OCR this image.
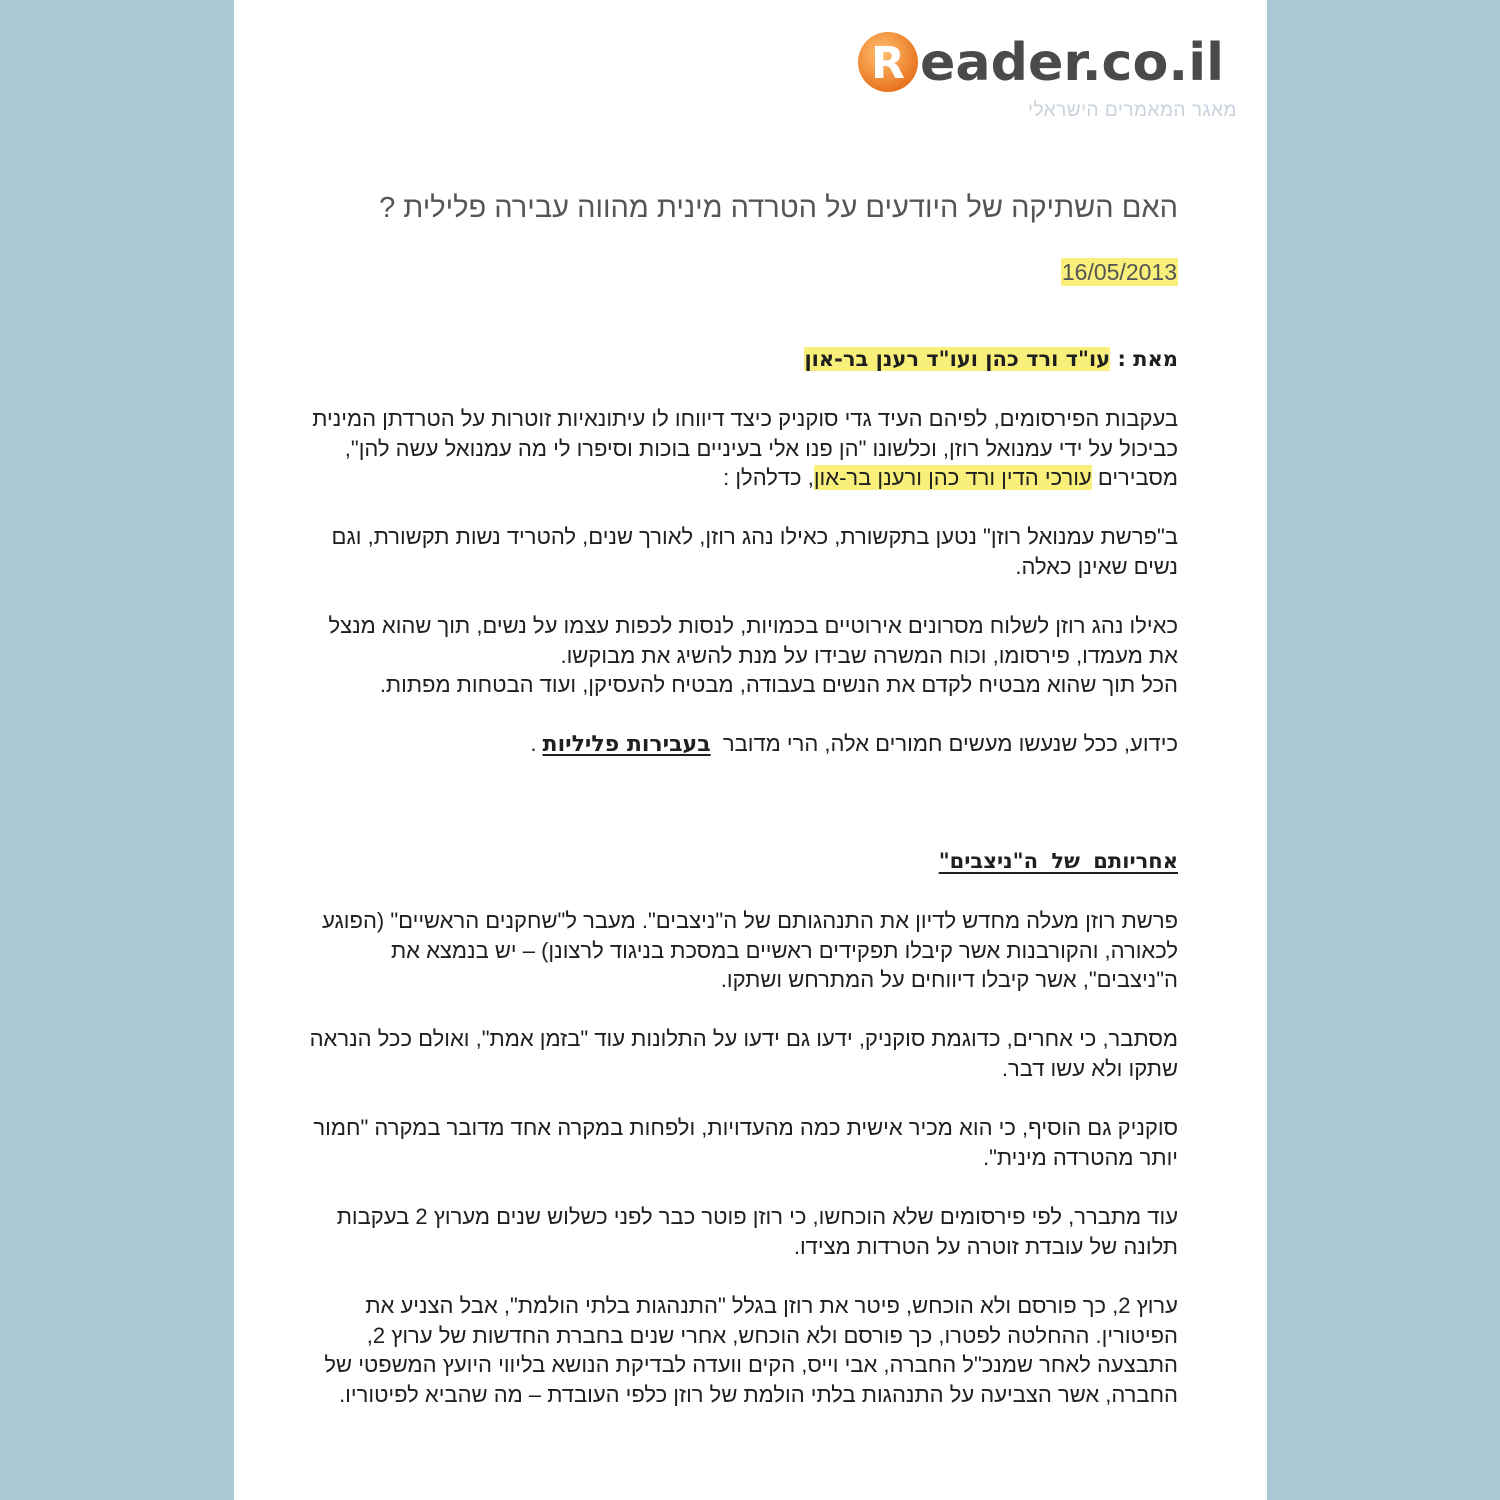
R eader.co.il
מאגר המאמרים הישראלי
האם השתיקה של היודעים על הטרדה מינית מהווה עבירה פלילית ?
16/05/2013
מאת : עו"ד ורד כהן ועו"ד רענן בר-און

בעקבות הפירסומים, לפיהם העיד גדי סוקניק כיצד דיווחו לו עיתונאיות זוטרות על הטרדתן המינית כביכול על ידי עמנואל רוזן, וכלשונו "הן פנו אלי בעיניים בוכות וסיפרו לי מה עמנואל עשה להן", מסבירים עורכי הדין ורד כהן ורענן בר-און, כדלהלן :

ב"פרשת עמנואל רוזן" נטען בתקשורת, כאילו נהג רוזן, לאורך שנים, להטריד נשות תקשורת, וגם נשים שאינן כאלה.

כאילו נהג רוזן לשלוח מסרונים אירוטיים בכמויות, לנסות לכפות עצמו על נשים, תוך שהוא מנצל את מעמדו, פירסומו, וכוח המשרה שבידו על מנת להשיג את מבוקשו.
הכל תוך שהוא מבטיח לקדם את הנשים בעבודה, מבטיח להעסיקן, ועוד הבטחות מפתות.

כידוע, ככל שנעשו מעשים חמורים אלה, הרי מדובר  בעבירות פליליות .

אחריותם של ה"ניצבים"

פרשת רוזן מעלה מחדש לדיון את התנהגותם של ה"ניצבים". מעבר ל"שחקנים הראשיים" (הפוגע לכאורה, והקורבנות אשר קיבלו תפקידים ראשיים במסכת בניגוד לרצונן) – יש בנמצא את ה"ניצבים", אשר קיבלו דיווחים על המתרחש ושתקו.

מסתבר, כי אחרים, כדוגמת סוקניק, ידעו גם ידעו על התלונות עוד "בזמן אמת", ואולם ככל הנראה שתקו ולא עשו דבר.

סוקניק גם הוסיף, כי הוא מכיר אישית כמה מהעדויות, ולפחות במקרה אחד מדובר במקרה "חמור יותר מהטרדה מינית".

עוד מתברר, לפי פירסומים שלא הוכחשו, כי רוזן פוטר כבר לפני כשלוש שנים מערוץ 2 בעקבות תלונה של עובדת זוטרה על הטרדות מצידו.

ערוץ 2, כך פורסם ולא הוכחש, פיטר את רוזן בגלל "התנהגות בלתי הולמת", אבל הצניע את הפיטורין. ההחלטה לפטרו, כך פורסם ולא הוכחש, אחרי שנים בחברת החדשות של ערוץ 2, התבצעה לאחר שמנכ"ל החברה, אבי וייס, הקים וועדה לבדיקת הנושא בליווי היועץ המשפטי של החברה, אשר הצביעה על התנהגות בלתי הולמת של רוזן כלפי העובדת – מה שהביא לפיטוריו.
